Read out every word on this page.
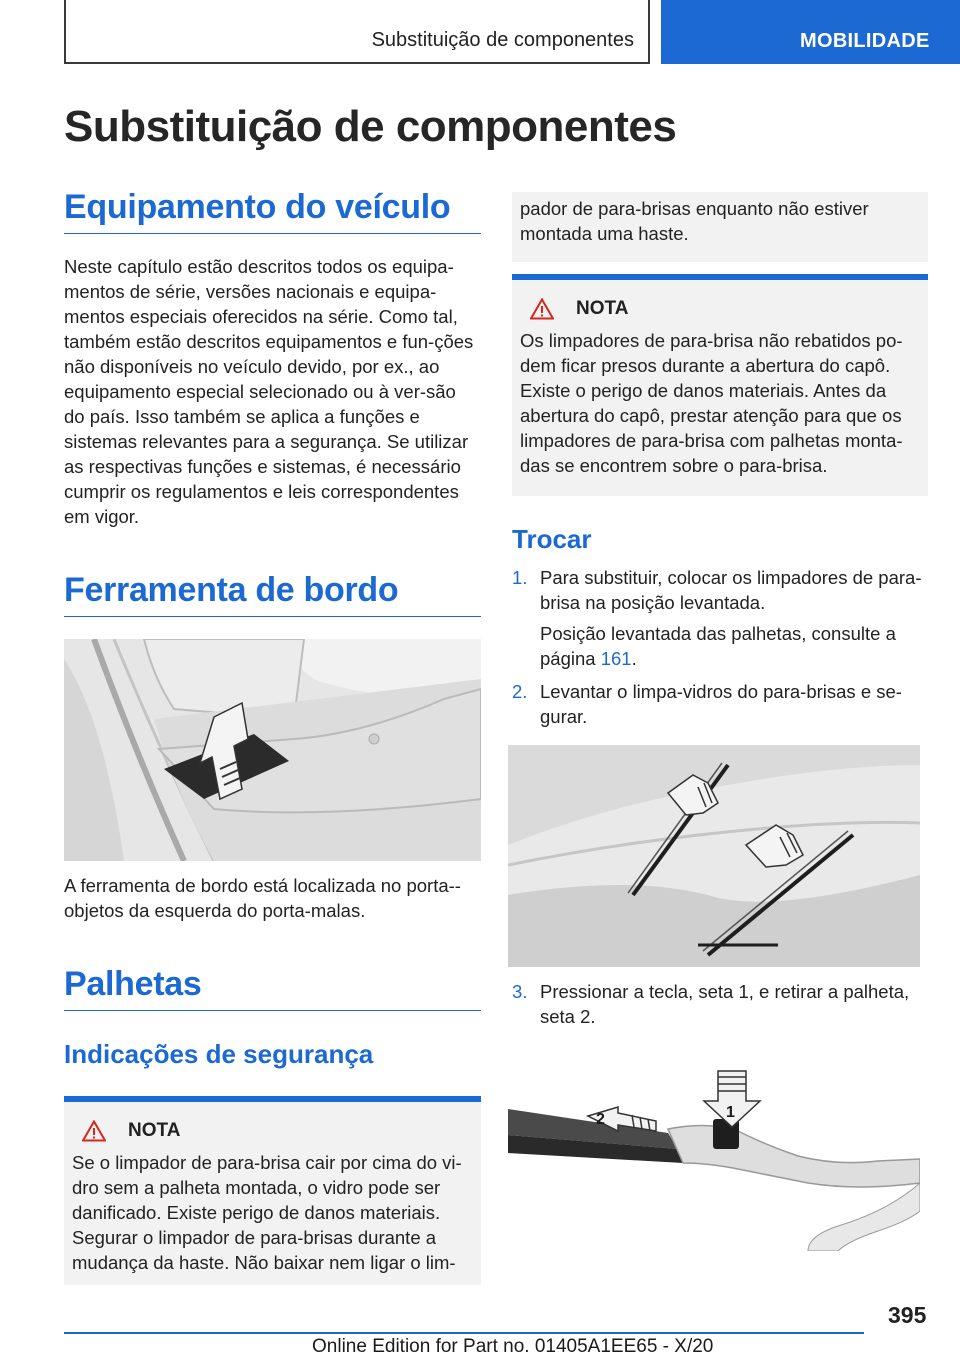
Substituição de componentes	MOBILIDADE
Substituição de componentes
Equipamento do veículo

Neste capítulo estão descritos todos os equipa-mentos de série, versões nacionais e equipa-mentos especiais oferecidos na série. Como tal, também estão descritos equipamentos e fun-ções não disponíveis no veículo devido, por ex., ao equipamento especial selecionado ou à ver-são do país. Isso também se aplica a funções e sistemas relevantes para a segurança. Se utilizar as respectivas funções e sistemas, é necessário cumprir os regulamentos e leis correspondentes em vigor.

Ferramenta de bordo

A ferramenta de bordo está localizada no porta--objetos da esquerda do porta-malas.

Palhetas
Indicações de segurança
NOTA

Se o limpador de para-brisa cair por cima do vi-dro sem a palheta montada, o vidro pode ser danificado. Existe perigo de danos materiais. Segurar o limpador de para-brisas durante a mudança da haste. Não baixar nem ligar o lim-

pador de para-brisas enquanto não estiver montada uma haste.

NOTA

Os limpadores de para-brisa não rebatidos po-dem ficar presos durante a abertura do capô. Existe o perigo de danos materiais. Antes da abertura do capô, prestar atenção para que os limpadores de para-brisa com palhetas monta-das se encontrem sobre o para-brisa.

Trocar
1. Para substituir, colocar os limpadores de para-brisa na posição levantada.
Posição levantada das palhetas, consulte a página 161.
2. Levantar o limpa-vidros do para-brisas e se-gurar.
3. Pressionar a tecla, seta 1, e retirar a palheta, seta 2.
2	1
395
Online Edition for Part no. 01405A1EE65 - X/20
